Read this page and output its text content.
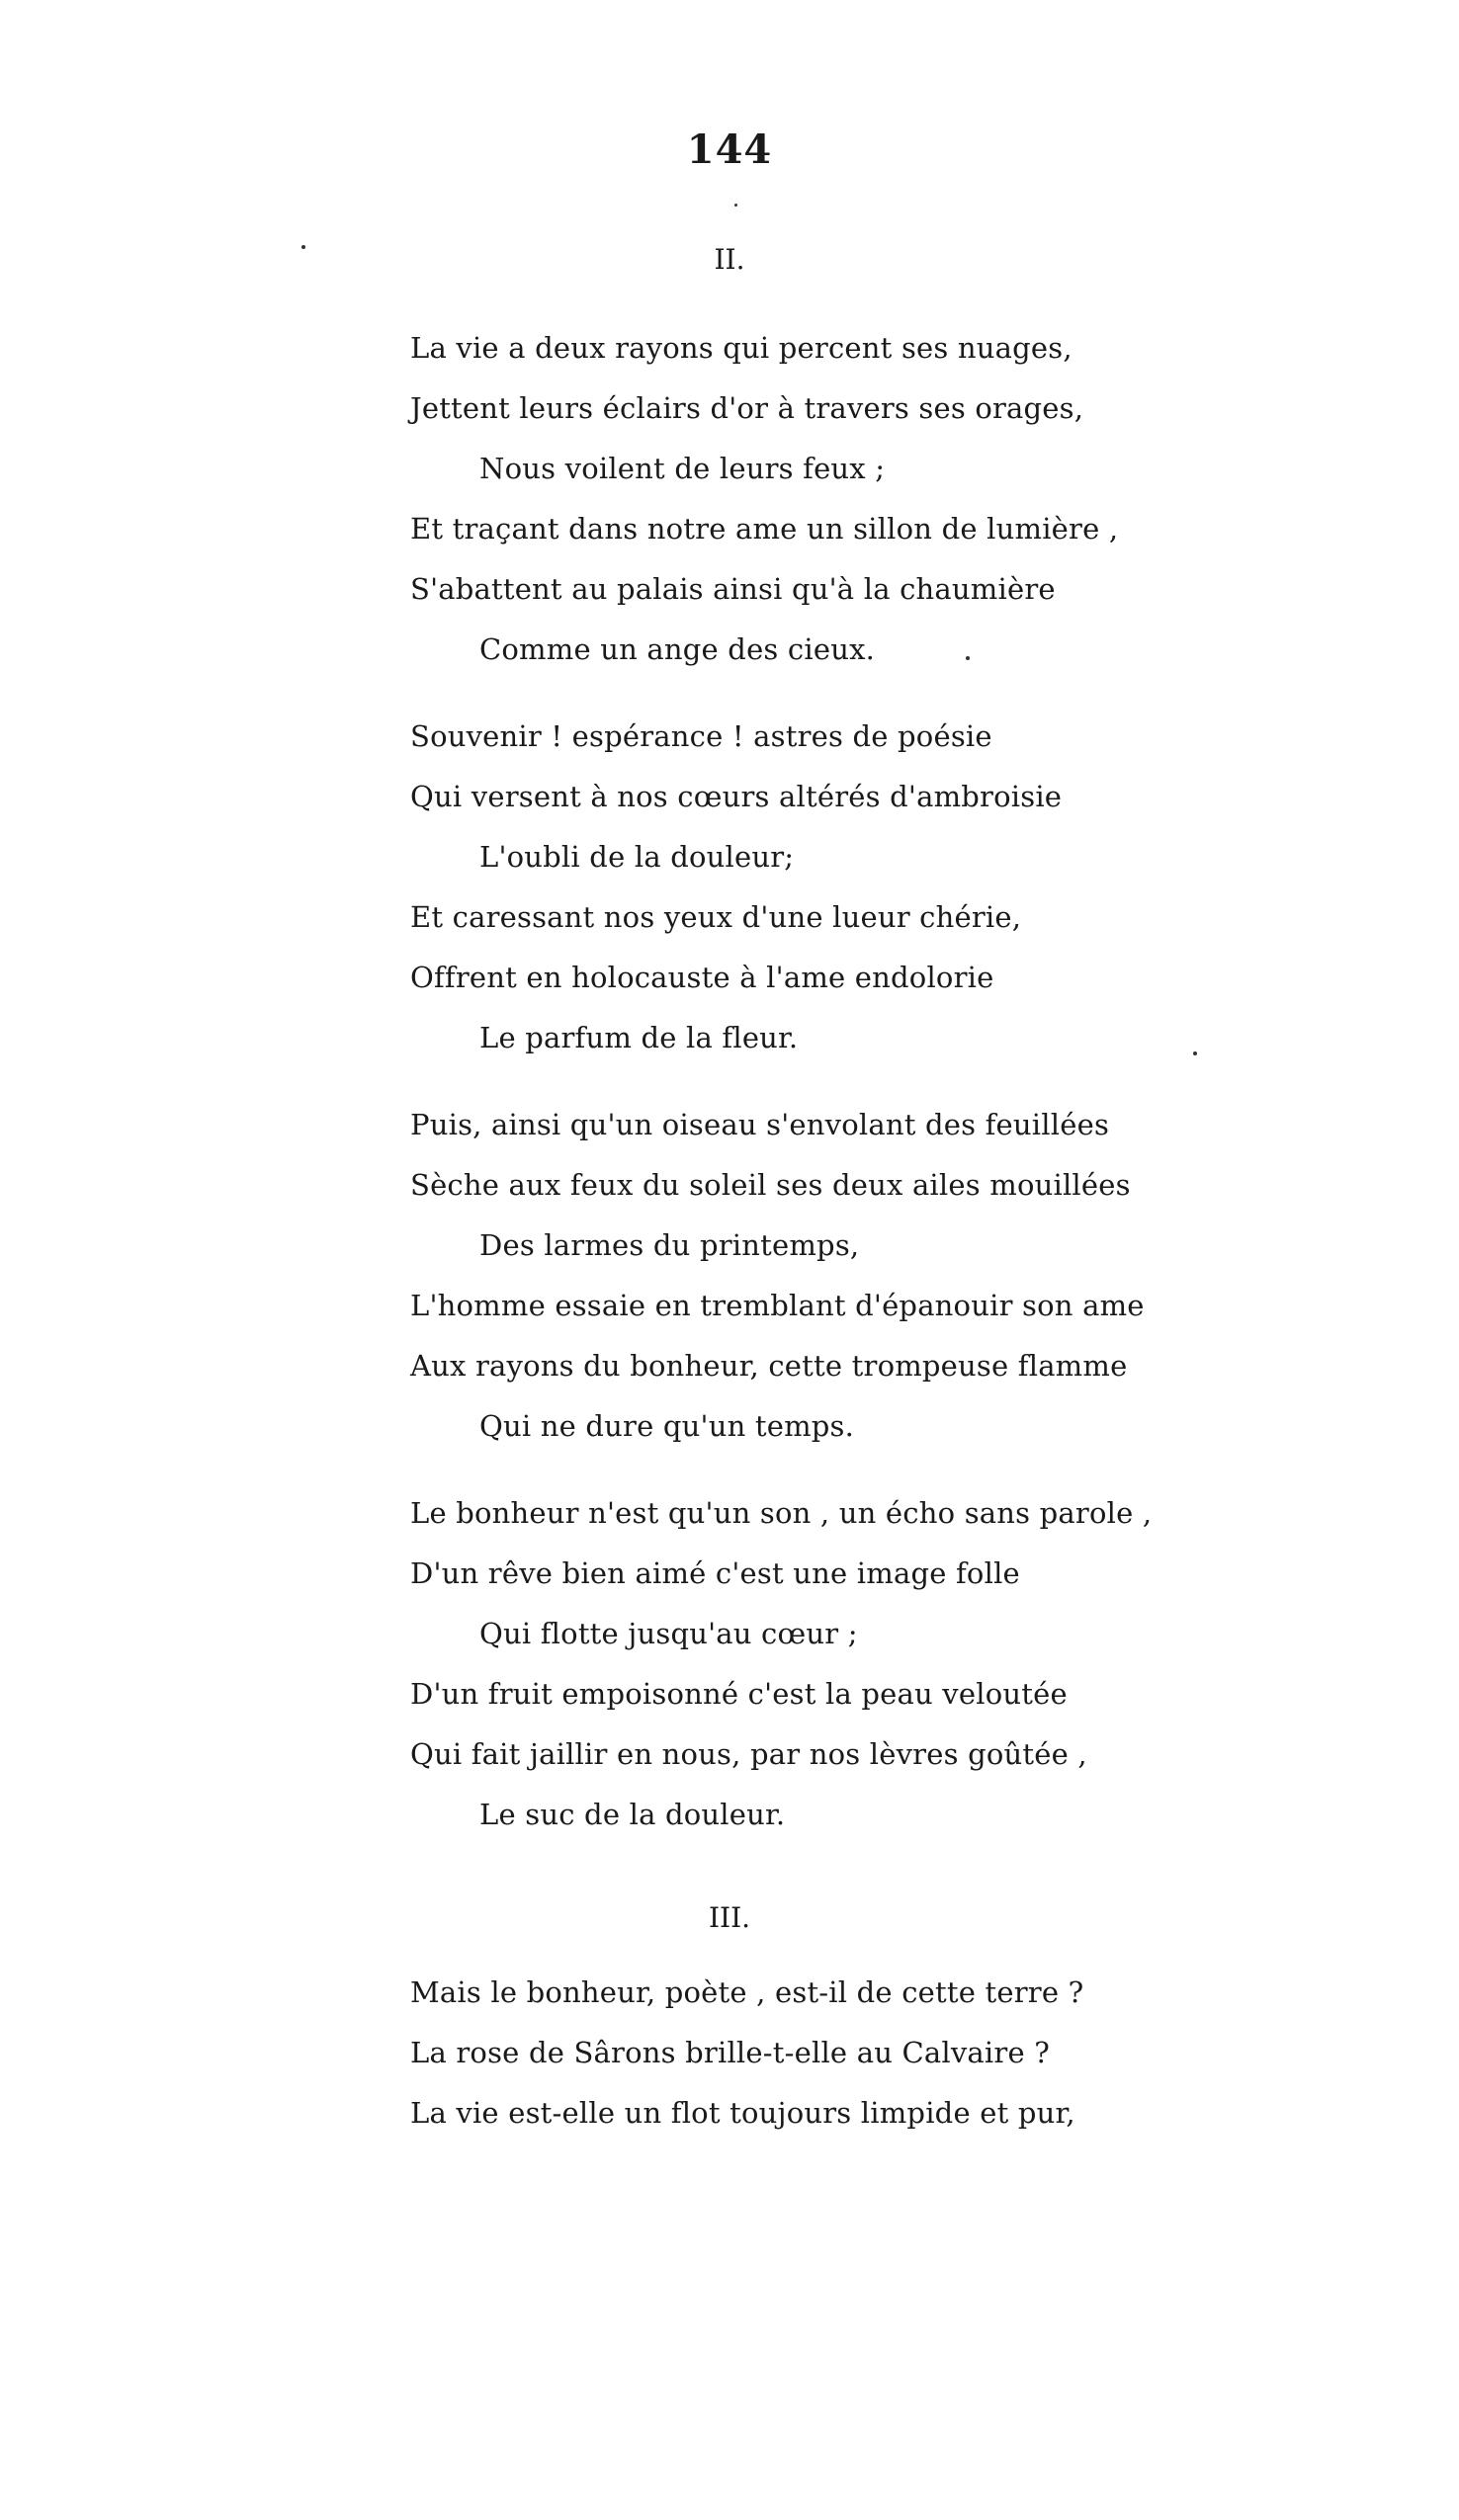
144
II.
La vie a deux rayons qui percent ses nuages,
Jettent leurs éclairs d'or à travers ses orages,
Nous voilent de leurs feux ;
Et traçant dans notre ame un sillon de lumière ,
S'abattent au palais ainsi qu'à la chaumière
Comme un ange des cieux.
Souvenir ! espérance ! astres de poésie
Qui versent à nos cœurs altérés d'ambroisie
L'oubli de la douleur;
Et caressant nos yeux d'une lueur chérie,
Offrent en holocauste à l'ame endolorie
Le parfum de la fleur.
Puis, ainsi qu'un oiseau s'envolant des feuillées
Sèche aux feux du soleil ses deux ailes mouillées
Des larmes du printemps,
L'homme essaie en tremblant d'épanouir son ame
Aux rayons du bonheur, cette trompeuse flamme
Qui ne dure qu'un temps.
Le bonheur n'est qu'un son , un écho sans parole ,
D'un rêve bien aimé c'est une image folle
Qui flotte jusqu'au cœur ;
D'un fruit empoisonné c'est la peau veloutée
Qui fait jaillir en nous, par nos lèvres goûtée ,
Le suc de la douleur.
III.
Mais le bonheur, poète , est-il de cette terre ?
La rose de Sârons brille-t-elle au Calvaire ?
La vie est-elle un flot toujours limpide et pur,
